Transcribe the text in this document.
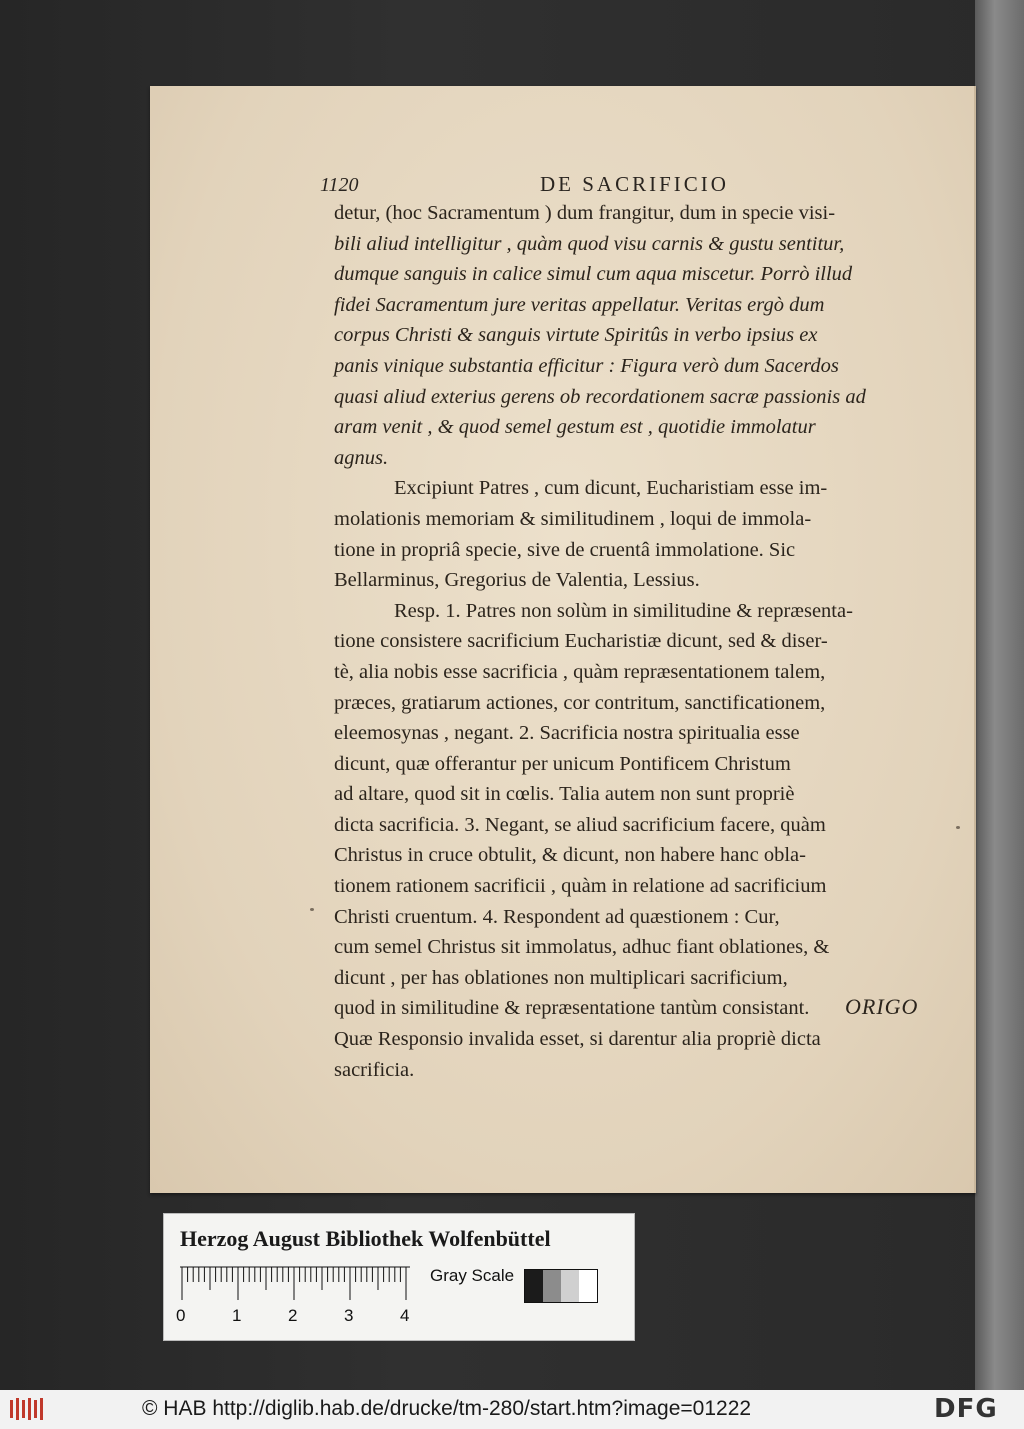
1120	DE SACRIFICIO
detur, (hoc Sacramentum ) dum frangitur, dum in specie visi-
bili aliud intelligitur , quàm quod visu carnis & gustu sentitur,
dumque sanguis in calice simul cum aqua miscetur. Porrò illud
fidei Sacramentum jure veritas appellatur. Veritas ergò dum
corpus Christi & sanguis virtute Spiritûs in verbo ipsius ex
panis vinique substantia efficitur : Figura verò dum Sacerdos
quasi aliud exterius gerens ob recordationem sacræ passionis ad
aram venit , & quod semel gestum est , quotidie immolatur
agnus.
Excipiunt Patres , cum dicunt, Eucharistiam esse im-
molationis memoriam & similitudinem , loqui de immola-
tione in propriâ specie, sive de cruentâ immolatione. Sic
Bellarminus, Gregorius de Valentia, Lessius.
Resp. 1. Patres non solùm in similitudine & repræsenta-
tione consistere sacrificium Eucharistiæ dicunt, sed & diser-
tè, alia nobis esse sacrificia , quàm repræsentationem talem,
præces, gratiarum actiones, cor contritum, sanctificationem,
eleemosynas , negant. 2. Sacrificia nostra spiritualia esse
dicunt, quæ offerantur per unicum Pontificem Christum
ad altare, quod sit in cœlis. Talia autem non sunt propriè
dicta sacrificia. 3. Negant, se aliud sacrificium facere, quàm
Christus in cruce obtulit, & dicunt, non habere hanc obla-
tionem rationem sacrificii , quàm in relatione ad sacrificium
Christi cruentum. 4. Respondent ad quæstionem : Cur,
cum semel Christus sit immolatus, adhuc fiant oblationes, &
dicunt , per has oblationes non multiplicari sacrificium,
quod in similitudine & repræsentatione tantùm consistant.
Quæ Responsio invalida esset, si darentur alia propriè dicta
sacrificia.
ORIGO
Herzog August Bibliothek Wolfenbüttel
0	1	2	3	4
Gray Scale
© HAB http://diglib.hab.de/drucke/tm-280/start.htm?image=01222	DFG
